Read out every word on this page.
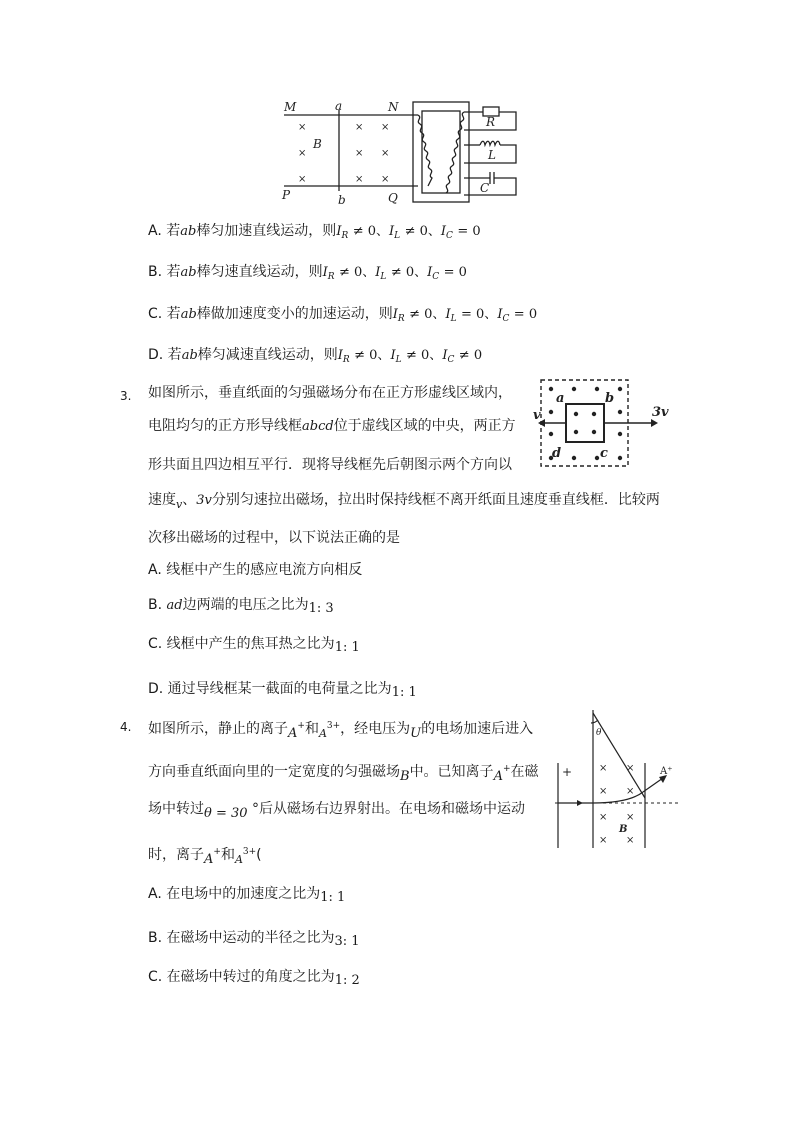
×
×
×
× ×
× ×
× ×
M	a	N
B
P	b	Q
R
L
C
A. 若ab棒匀加速直线运动，则$I_R \ne 0$、$I_L \ne 0$、$I_C = 0$
B. 若ab棒匀速直线运动，则$I_R \ne 0$、$I_L \ne 0$、$I_C = 0$
C. 若ab棒做加速度变小的加速运动，则$I_R \ne 0$、$I_L = 0$、$I_C = 0$
D. 若ab棒匀减速直线运动，则$I_R \ne 0$、$I_L \ne 0$、$I_C \ne 0$
3. 如图所示，垂直纸面的匀强磁场分布在正方形虚线区域内，
电阻均匀的正方形导线框abcd位于虚线区域的中央，两正方
形共面且四边相互平行．现将导线框先后朝图示两个方向以
速度$_v$、3v分别匀速拉出磁场，拉出时保持线框不离开纸面且速度垂直线框．比较两
次移出磁场的过程中，以下说法正确的是
A. 线框中产生的感应电流方向相反
B. ad边两端的电压之比为1: 3
C. 线框中产生的焦耳热之比为1: 1
D. 通过导线框某一截面的电荷量之比为1: 1
a	b
d	c
v	3v
4. 如图所示，静止的离子A+和$_A^{3+}$，经电压为U的电场加速后进入
方向垂直纸面向里的一定宽度的匀强磁场B中。已知离子A+在磁
场中转过θ = 30 °后从磁场右边界射出。在电场和磁场中运动
时，离子A+和$_A^{3+}$(
A. 在电场中的加速度之比为1: 1
B. 在磁场中运动的半径之比为3: 1
C. 在磁场中转过的角度之比为1: 2
× ×
× ×
× ×
× ×
+
θ
A⁺
B
